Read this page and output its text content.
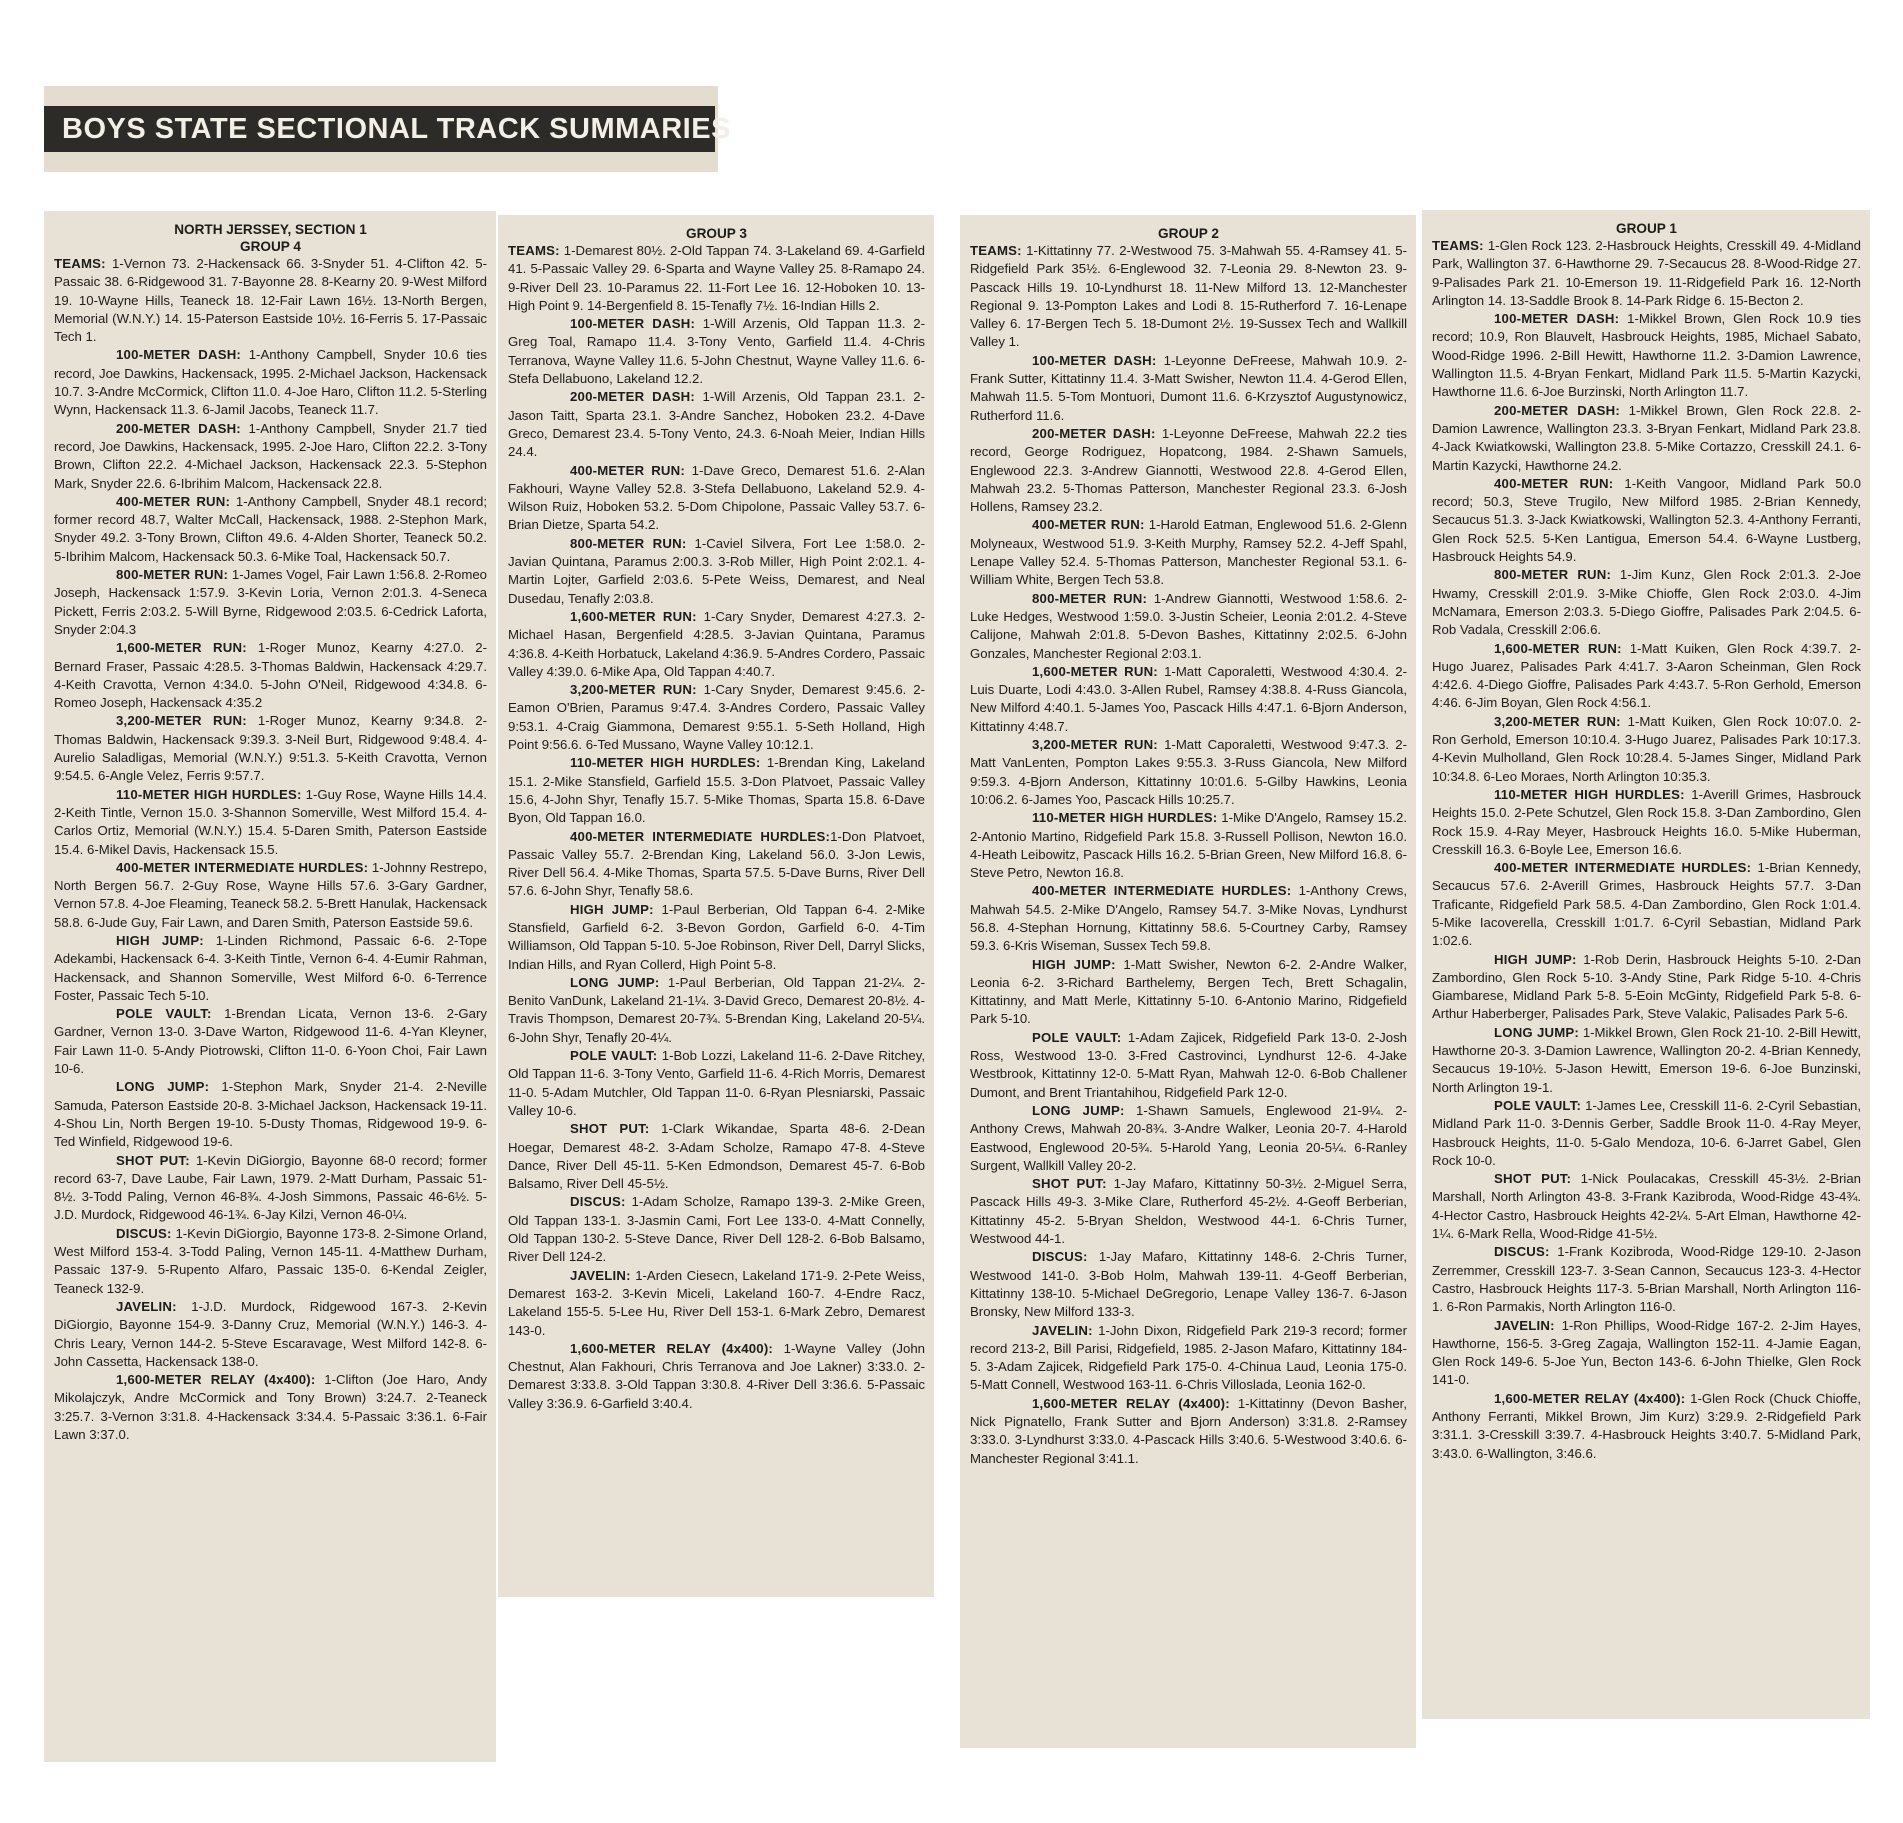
BOYS STATE SECTIONAL TRACK SUMMARIES
NORTH JERSSEY, SECTION 1
GROUP 4

TEAMS: 1-Vernon 73. 2-Hackensack 66. 3-Snyder 51. 4-Clifton 42. 5-Passaic 38. 6-Ridgewood 31. 7-Bayonne 28. 8-Kearny 20. 9-West Milford 19. 10-Wayne Hills, Teaneck 18. 12-Fair Lawn 16½. 13-North Bergen, Memorial (W.N.Y.) 14. 15-Paterson Eastside 10½. 16-Ferris 5. 17-Passaic Tech 1.

100-METER DASH: 1-Anthony Campbell, Snyder 10.6 ties record, Joe Dawkins, Hackensack, 1995. 2-Michael Jackson, Hackensack 10.7. 3-Andre McCormick, Clifton 11.0. 4-Joe Haro, Clifton 11.2. 5-Sterling Wynn, Hackensack 11.3. 6-Jamil Jacobs, Teaneck 11.7.

200-METER DASH: 1-Anthony Campbell, Snyder 21.7 tied record, Joe Dawkins, Hackensack, 1995. 2-Joe Haro, Clifton 22.2. 3-Tony Brown, Clifton 22.2. 4-Michael Jackson, Hackensack 22.3. 5-Stephon Mark, Snyder 22.6. 6-Ibrihim Malcom, Hackensack 22.8.

400-METER RUN: 1-Anthony Campbell, Snyder 48.1 record; former record 48.7, Walter McCall, Hackensack, 1988. 2-Stephon Mark, Snyder 49.2. 3-Tony Brown, Clifton 49.6. 4-Alden Shorter, Teaneck 50.2. 5-Ibrihim Malcom, Hackensack 50.3. 6-Mike Toal, Hackensack 50.7.

800-METER RUN: 1-James Vogel, Fair Lawn 1:56.8. 2-Romeo Joseph, Hackensack 1:57.9. 3-Kevin Loria, Vernon 2:01.3. 4-Seneca Pickett, Ferris 2:03.2. 5-Will Byrne, Ridgewood 2:03.5. 6-Cedrick Laforta, Snyder 2:04.3

1,600-METER RUN: 1-Roger Munoz, Kearny 4:27.0. 2-Bernard Fraser, Passaic 4:28.5. 3-Thomas Baldwin, Hackensack 4:29.7. 4-Keith Cravotta, Vernon 4:34.0. 5-John O'Neil, Ridgewood 4:34.8. 6-Romeo Joseph, Hackensack 4:35.2

3,200-METER RUN: 1-Roger Munoz, Kearny 9:34.8. 2-Thomas Baldwin, Hackensack 9:39.3. 3-Neil Burt, Ridgewood 9:48.4. 4-Aurelio Saladligas, Memorial (W.N.Y.) 9:51.3. 5-Keith Cravotta, Vernon 9:54.5. 6-Angle Velez, Ferris 9:57.7.

110-METER HIGH HURDLES: 1-Guy Rose, Wayne Hills 14.4. 2-Keith Tintle, Vernon 15.0. 3-Shannon Somerville, West Milford 15.4. 4-Carlos Ortiz, Memorial (W.N.Y.) 15.4. 5-Daren Smith, Paterson Eastside 15.4. 6-Mikel Davis, Hackensack 15.5.

400-METER INTERMEDIATE HURDLES: 1-Johnny Restrepo, North Bergen 56.7. 2-Guy Rose, Wayne Hills 57.6. 3-Gary Gardner, Vernon 57.8. 4-Joe Fleaming, Teaneck 58.2. 5-Brett Hanulak, Hackensack 58.8. 6-Jude Guy, Fair Lawn, and Daren Smith, Paterson Eastside 59.6.

HIGH JUMP: 1-Linden Richmond, Passaic 6-6. 2-Tope Adekambi, Hackensack 6-4. 3-Keith Tintle, Vernon 6-4. 4-Eumir Rahman, Hackensack, and Shannon Somerville, West Milford 6-0. 6-Terrence Foster, Passaic Tech 5-10.

POLE VAULT: 1-Brendan Licata, Vernon 13-6. 2-Gary Gardner, Vernon 13-0. 3-Dave Warton, Ridgewood 11-6. 4-Yan Kleyner, Fair Lawn 11-0. 5-Andy Piotrowski, Clifton 11-0. 6-Yoon Choi, Fair Lawn 10-6.

LONG JUMP: 1-Stephon Mark, Snyder 21-4. 2-Neville Samuda, Paterson Eastside 20-8. 3-Michael Jackson, Hackensack 19-11. 4-Shou Lin, North Bergen 19-10. 5-Dusty Thomas, Ridgewood 19-9. 6-Ted Winfield, Ridgewood 19-6.

SHOT PUT: 1-Kevin DiGiorgio, Bayonne 68-0 record; former record 63-7, Dave Laube, Fair Lawn, 1979. 2-Matt Durham, Passaic 51-8½. 3-Todd Paling, Vernon 46-8¾. 4-Josh Simmons, Passaic 46-6½. 5-J.D. Murdock, Ridgewood 46-1¾. 6-Jay Kilzi, Vernon 46-0¼.

DISCUS: 1-Kevin DiGiorgio, Bayonne 173-8. 2-Simone Orland, West Milford 153-4. 3-Todd Paling, Vernon 145-11. 4-Matthew Durham, Passaic 137-9. 5-Rupento Alfaro, Passaic 135-0. 6-Kendal Zeigler, Teaneck 132-9.

JAVELIN: 1-J.D. Murdock, Ridgewood 167-3. 2-Kevin DiGiorgio, Bayonne 154-9. 3-Danny Cruz, Memorial (W.N.Y.) 146-3. 4-Chris Leary, Vernon 144-2. 5-Steve Escaravage, West Milford 142-8. 6-John Cassetta, Hackensack 138-0.

1,600-METER RELAY (4x400): 1-Clifton (Joe Haro, Andy Mikolajczyk, Andre McCormick and Tony Brown) 3:24.7. 2-Teaneck 3:25.7. 3-Vernon 3:31.8. 4-Hackensack 3:34.4. 5-Passaic 3:36.1. 6-Fair Lawn 3:37.0.

GROUP 3

TEAMS: 1-Demarest 80½. 2-Old Tappan 74. 3-Lakeland 69. 4-Garfield 41. 5-Passaic Valley 29. 6-Sparta and Wayne Valley 25. 8-Ramapo 24. 9-River Dell 23. 10-Paramus 22. 11-Fort Lee 16. 12-Hoboken 10. 13-High Point 9. 14-Bergenfield 8. 15-Tenafly 7½. 16-Indian Hills 2.

100-METER DASH: 1-Will Arzenis, Old Tappan 11.3. 2-Greg Toal, Ramapo 11.4. 3-Tony Vento, Garfield 11.4. 4-Chris Terranova, Wayne Valley 11.6. 5-John Chestnut, Wayne Valley 11.6. 6-Stefa Dellabuono, Lakeland 12.2.

200-METER DASH: 1-Will Arzenis, Old Tappan 23.1. 2-Jason Taitt, Sparta 23.1. 3-Andre Sanchez, Hoboken 23.2. 4-Dave Greco, Demarest 23.4. 5-Tony Vento, 24.3. 6-Noah Meier, Indian Hills 24.4.

400-METER RUN: 1-Dave Greco, Demarest 51.6. 2-Alan Fakhouri, Wayne Valley 52.8. 3-Stefa Dellabuono, Lakeland 52.9. 4-Wilson Ruiz, Hoboken 53.2. 5-Dom Chipolone, Passaic Valley 53.7. 6-Brian Dietze, Sparta 54.2.

800-METER RUN: 1-Caviel Silvera, Fort Lee 1:58.0. 2-Javian Quintana, Paramus 2:00.3. 3-Rob Miller, High Point 2:02.1. 4-Martin Lojter, Garfield 2:03.6. 5-Pete Weiss, Demarest, and Neal Dusedau, Tenafly 2:03.8.

1,600-METER RUN: 1-Cary Snyder, Demarest 4:27.3. 2-Michael Hasan, Bergenfield 4:28.5. 3-Javian Quintana, Paramus 4:36.8. 4-Keith Horbatuck, Lakeland 4:36.9. 5-Andres Cordero, Passaic Valley 4:39.0. 6-Mike Apa, Old Tappan 4:40.7.

3,200-METER RUN: 1-Cary Snyder, Demarest 9:45.6. 2-Eamon O'Brien, Paramus 9:47.4. 3-Andres Cordero, Passaic Valley 9:53.1. 4-Craig Giammona, Demarest 9:55.1. 5-Seth Holland, High Point 9:56.6. 6-Ted Mussano, Wayne Valley 10:12.1.

110-METER HIGH HURDLES: 1-Brendan King, Lakeland 15.1. 2-Mike Stansfield, Garfield 15.5. 3-Don Platvoet, Passaic Valley 15.6, 4-John Shyr, Tenafly 15.7. 5-Mike Thomas, Sparta 15.8. 6-Dave Byon, Old Tappan 16.0.

400-METER INTERMEDIATE HURDLES:1-Don Platvoet, Passaic Valley 55.7. 2-Brendan King, Lakeland 56.0. 3-Jon Lewis, River Dell 56.4. 4-Mike Thomas, Sparta 57.5. 5-Dave Burns, River Dell 57.6. 6-John Shyr, Tenafly 58.6.

HIGH JUMP: 1-Paul Berberian, Old Tappan 6-4. 2-Mike Stansfield, Garfield 6-2. 3-Bevon Gordon, Garfield 6-0. 4-Tim Williamson, Old Tappan 5-10. 5-Joe Robinson, River Dell, Darryl Slicks, Indian Hills, and Ryan Collerd, High Point 5-8.

LONG JUMP: 1-Paul Berberian, Old Tappan 21-2¼. 2-Benito VanDunk, Lakeland 21-1¼. 3-David Greco, Demarest 20-8½. 4-Travis Thompson, Demarest 20-7¾. 5-Brendan King, Lakeland 20-5¼. 6-John Shyr, Tenafly 20-4¼.

POLE VAULT: 1-Bob Lozzi, Lakeland 11-6. 2-Dave Ritchey, Old Tappan 11-6. 3-Tony Vento, Garfield 11-6. 4-Rich Morris, Demarest 11-0. 5-Adam Mutchler, Old Tappan 11-0. 6-Ryan Plesniarski, Passaic Valley 10-6.

SHOT PUT: 1-Clark Wikandae, Sparta 48-6. 2-Dean Hoegar, Demarest 48-2. 3-Adam Scholze, Ramapo 47-8. 4-Steve Dance, River Dell 45-11. 5-Ken Edmondson, Demarest 45-7. 6-Bob Balsamo, River Dell 45-5½.

DISCUS: 1-Adam Scholze, Ramapo 139-3. 2-Mike Green, Old Tappan 133-1. 3-Jasmin Cami, Fort Lee 133-0. 4-Matt Connelly, Old Tappan 130-2. 5-Steve Dance, River Dell 128-2. 6-Bob Balsamo, River Dell 124-2.

JAVELIN: 1-Arden Ciesecn, Lakeland 171-9. 2-Pete Weiss, Demarest 163-2. 3-Kevin Miceli, Lakeland 160-7. 4-Endre Racz, Lakeland 155-5. 5-Lee Hu, River Dell 153-1. 6-Mark Zebro, Demarest 143-0.

1,600-METER RELAY (4x400): 1-Wayne Valley (John Chestnut, Alan Fakhouri, Chris Terranova and Joe Lakner) 3:33.0. 2-Demarest 3:33.8. 3-Old Tappan 3:30.8. 4-River Dell 3:36.6. 5-Passaic Valley 3:36.9. 6-Garfield 3:40.4.

GROUP 2

TEAMS: 1-Kittatinny 77. 2-Westwood 75. 3-Mahwah 55. 4-Ramsey 41. 5-Ridgefield Park 35½. 6-Englewood 32. 7-Leonia 29. 8-Newton 23. 9-Pascack Hills 19. 10-Lyndhurst 18. 11-New Milford 13. 12-Manchester Regional 9. 13-Pompton Lakes and Lodi 8. 15-Rutherford 7. 16-Lenape Valley 6. 17-Bergen Tech 5. 18-Dumont 2½. 19-Sussex Tech and Wallkill Valley 1.

100-METER DASH: 1-Leyonne DeFreese, Mahwah 10.9. 2-Frank Sutter, Kittatinny 11.4. 3-Matt Swisher, Newton 11.4. 4-Gerod Ellen, Mahwah 11.5. 5-Tom Montuori, Dumont 11.6. 6-Krzysztof Augustynowicz, Rutherford 11.6.

200-METER DASH: 1-Leyonne DeFreese, Mahwah 22.2 ties record, George Rodriguez, Hopatcong, 1984. 2-Shawn Samuels, Englewood 22.3. 3-Andrew Giannotti, Westwood 22.8. 4-Gerod Ellen, Mahwah 23.2. 5-Thomas Patterson, Manchester Regional 23.3. 6-Josh Hollens, Ramsey 23.2.

400-METER RUN: 1-Harold Eatman, Englewood 51.6. 2-Glenn Molyneaux, Westwood 51.9. 3-Keith Murphy, Ramsey 52.2. 4-Jeff Spahl, Lenape Valley 52.4. 5-Thomas Patterson, Manchester Regional 53.1. 6-William White, Bergen Tech 53.8.

800-METER RUN: 1-Andrew Giannotti, Westwood 1:58.6. 2-Luke Hedges, Westwood 1:59.0. 3-Justin Scheier, Leonia 2:01.2. 4-Steve Calijone, Mahwah 2:01.8. 5-Devon Bashes, Kittatinny 2:02.5. 6-John Gonzales, Manchester Regional 2:03.1.

1,600-METER RUN: 1-Matt Caporaletti, Westwood 4:30.4. 2-Luis Duarte, Lodi 4:43.0. 3-Allen Rubel, Ramsey 4:38.8. 4-Russ Giancola, New Milford 4:40.1. 5-James Yoo, Pascack Hills 4:47.1. 6-Bjorn Anderson, Kittatinny 4:48.7.

3,200-METER RUN: 1-Matt Caporaletti, Westwood 9:47.3. 2-Matt VanLenten, Pompton Lakes 9:55.3. 3-Russ Giancola, New Milford 9:59.3. 4-Bjorn Anderson, Kittatinny 10:01.6. 5-Gilby Hawkins, Leonia 10:06.2. 6-James Yoo, Pascack Hills 10:25.7.

110-METER HIGH HURDLES: 1-Mike D'Angelo, Ramsey 15.2. 2-Antonio Martino, Ridgefield Park 15.8. 3-Russell Pollison, Newton 16.0. 4-Heath Leibowitz, Pascack Hills 16.2. 5-Brian Green, New Milford 16.8. 6-Steve Petro, Newton 16.8.

400-METER INTERMEDIATE HURDLES: 1-Anthony Crews, Mahwah 54.5. 2-Mike D'Angelo, Ramsey 54.7. 3-Mike Novas, Lyndhurst 56.8. 4-Stephan Hornung, Kittatinny 58.6. 5-Courtney Carby, Ramsey 59.3. 6-Kris Wiseman, Sussex Tech 59.8.

HIGH JUMP: 1-Matt Swisher, Newton 6-2. 2-Andre Walker, Leonia 6-2. 3-Richard Barthelemy, Bergen Tech, Brett Schagalin, Kittatinny, and Matt Merle, Kittatinny 5-10. 6-Antonio Marino, Ridgefield Park 5-10.

POLE VAULT: 1-Adam Zajicek, Ridgefield Park 13-0. 2-Josh Ross, Westwood 13-0. 3-Fred Castrovinci, Lyndhurst 12-6. 4-Jake Westbrook, Kittatinny 12-0. 5-Matt Ryan, Mahwah 12-0. 6-Bob Challener Dumont, and Brent Triantahihou, Ridgefield Park 12-0.

LONG JUMP: 1-Shawn Samuels, Englewood 21-9¼. 2-Anthony Crews, Mahwah 20-8¾. 3-Andre Walker, Leonia 20-7. 4-Harold Eastwood, Englewood 20-5¾. 5-Harold Yang, Leonia 20-5¼. 6-Ranley Surgent, Wallkill Valley 20-2.

SHOT PUT: 1-Jay Mafaro, Kittatinny 50-3½. 2-Miguel Serra, Pascack Hills 49-3. 3-Mike Clare, Rutherford 45-2½. 4-Geoff Berberian, Kittatinny 45-2. 5-Bryan Sheldon, Westwood 44-1. 6-Chris Turner, Westwood 44-1.

DISCUS: 1-Jay Mafaro, Kittatinny 148-6. 2-Chris Turner, Westwood 141-0. 3-Bob Holm, Mahwah 139-11. 4-Geoff Berberian, Kittatinny 138-10. 5-Michael DeGregorio, Lenape Valley 136-7. 6-Jason Bronsky, New Milford 133-3.

JAVELIN: 1-John Dixon, Ridgefield Park 219-3 record; former record 213-2, Bill Parisi, Ridgefield, 1985. 2-Jason Mafaro, Kittatinny 184-5. 3-Adam Zajicek, Ridgefield Park 175-0. 4-Chinua Laud, Leonia 175-0. 5-Matt Connell, Westwood 163-11. 6-Chris Villoslada, Leonia 162-0.

1,600-METER RELAY (4x400): 1-Kittatinny (Devon Basher, Nick Pignatello, Frank Sutter and Bjorn Anderson) 3:31.8. 2-Ramsey 3:33.0. 3-Lyndhurst 3:33.0. 4-Pascack Hills 3:40.6. 5-Westwood 3:40.6. 6-Manchester Regional 3:41.1.

GROUP 1

TEAMS: 1-Glen Rock 123. 2-Hasbrouck Heights, Cresskill 49. 4-Midland Park, Wallington 37. 6-Hawthorne 29. 7-Secaucus 28. 8-Wood-Ridge 27. 9-Palisades Park 21. 10-Emerson 19. 11-Ridgefield Park 16. 12-North Arlington 14. 13-Saddle Brook 8. 14-Park Ridge 6. 15-Becton 2.

100-METER DASH: 1-Mikkel Brown, Glen Rock 10.9 ties record; 10.9, Ron Blauvelt, Hasbrouck Heights, 1985, Michael Sabato, Wood-Ridge 1996. 2-Bill Hewitt, Hawthorne 11.2. 3-Damion Lawrence, Wallington 11.5. 4-Bryan Fenkart, Midland Park 11.5. 5-Martin Kazycki, Hawthorne 11.6. 6-Joe Burzinski, North Arlington 11.7.

200-METER DASH: 1-Mikkel Brown, Glen Rock 22.8. 2-Damion Lawrence, Wallington 23.3. 3-Bryan Fenkart, Midland Park 23.8. 4-Jack Kwiatkowski, Wallington 23.8. 5-Mike Cortazzo, Cresskill 24.1. 6-Martin Kazycki, Hawthorne 24.2.

400-METER RUN: 1-Keith Vangoor, Midland Park 50.0 record; 50.3, Steve Trugilo, New Milford 1985. 2-Brian Kennedy, Secaucus 51.3. 3-Jack Kwiatkowski, Wallington 52.3. 4-Anthony Ferranti, Glen Rock 52.5. 5-Ken Lantigua, Emerson 54.4. 6-Wayne Lustberg, Hasbrouck Heights 54.9.

800-METER RUN: 1-Jim Kunz, Glen Rock 2:01.3. 2-Joe Hwamy, Cresskill 2:01.9. 3-Mike Chioffe, Glen Rock 2:03.0. 4-Jim McNamara, Emerson 2:03.3. 5-Diego Gioffre, Palisades Park 2:04.5. 6-Rob Vadala, Cresskill 2:06.6.

1,600-METER RUN: 1-Matt Kuiken, Glen Rock 4:39.7. 2-Hugo Juarez, Palisades Park 4:41.7. 3-Aaron Scheinman, Glen Rock 4:42.6. 4-Diego Gioffre, Palisades Park 4:43.7. 5-Ron Gerhold, Emerson 4:46. 6-Jim Boyan, Glen Rock 4:56.1.

3,200-METER RUN: 1-Matt Kuiken, Glen Rock 10:07.0. 2-Ron Gerhold, Emerson 10:10.4. 3-Hugo Juarez, Palisades Park 10:17.3. 4-Kevin Mulholland, Glen Rock 10:28.4. 5-James Singer, Midland Park 10:34.8. 6-Leo Moraes, North Arlington 10:35.3.

110-METER HIGH HURDLES: 1-Averill Grimes, Hasbrouck Heights 15.0. 2-Pete Schutzel, Glen Rock 15.8. 3-Dan Zambordino, Glen Rock 15.9. 4-Ray Meyer, Hasbrouck Heights 16.0. 5-Mike Huberman, Cresskill 16.3. 6-Boyle Lee, Emerson 16.6.

400-METER INTERMEDIATE HURDLES: 1-Brian Kennedy, Secaucus 57.6. 2-Averill Grimes, Hasbrouck Heights 57.7. 3-Dan Traficante, Ridgefield Park 58.5. 4-Dan Zambordino, Glen Rock 1:01.4. 5-Mike Iacoverella, Cresskill 1:01.7. 6-Cyril Sebastian, Midland Park 1:02.6.

HIGH JUMP: 1-Rob Derin, Hasbrouck Heights 5-10. 2-Dan Zambordino, Glen Rock 5-10. 3-Andy Stine, Park Ridge 5-10. 4-Chris Giambarese, Midland Park 5-8. 5-Eoin McGinty, Ridgefield Park 5-8. 6-Arthur Haberberger, Palisades Park, Steve Valakic, Palisades Park 5-6.

LONG JUMP: 1-Mikkel Brown, Glen Rock 21-10. 2-Bill Hewitt, Hawthorne 20-3. 3-Damion Lawrence, Wallington 20-2. 4-Brian Kennedy, Secaucus 19-10½. 5-Jason Hewitt, Emerson 19-6. 6-Joe Bunzinski, North Arlington 19-1.

POLE VAULT: 1-James Lee, Cresskill 11-6. 2-Cyril Sebastian, Midland Park 11-0. 3-Dennis Gerber, Saddle Brook 11-0. 4-Ray Meyer, Hasbrouck Heights, 11-0. 5-Galo Mendoza, 10-6. 6-Jarret Gabel, Glen Rock 10-0.

SHOT PUT: 1-Nick Poulacakas, Cresskill 45-3½. 2-Brian Marshall, North Arlington 43-8. 3-Frank Kazibroda, Wood-Ridge 43-4¾. 4-Hector Castro, Hasbrouck Heights 42-2¼. 5-Art Elman, Hawthorne 42-1¼. 6-Mark Rella, Wood-Ridge 41-5½.

DISCUS: 1-Frank Kozibroda, Wood-Ridge 129-10. 2-Jason Zerremmer, Cresskill 123-7. 3-Sean Cannon, Secaucus 123-3. 4-Hector Castro, Hasbrouck Heights 117-3. 5-Brian Marshall, North Arlington 116-1. 6-Ron Parmakis, North Arlington 116-0.

JAVELIN: 1-Ron Phillips, Wood-Ridge 167-2. 2-Jim Hayes, Hawthorne, 156-5. 3-Greg Zagaja, Wallington 152-11. 4-Jamie Eagan, Glen Rock 149-6. 5-Joe Yun, Becton 143-6. 6-John Thielke, Glen Rock 141-0.

1,600-METER RELAY (4x400): 1-Glen Rock (Chuck Chioffe, Anthony Ferranti, Mikkel Brown, Jim Kurz) 3:29.9. 2-Ridgefield Park 3:31.1. 3-Cresskill 3:39.7. 4-Hasbrouck Heights 3:40.7. 5-Midland Park, 3:43.0. 6-Wallington, 3:46.6.
